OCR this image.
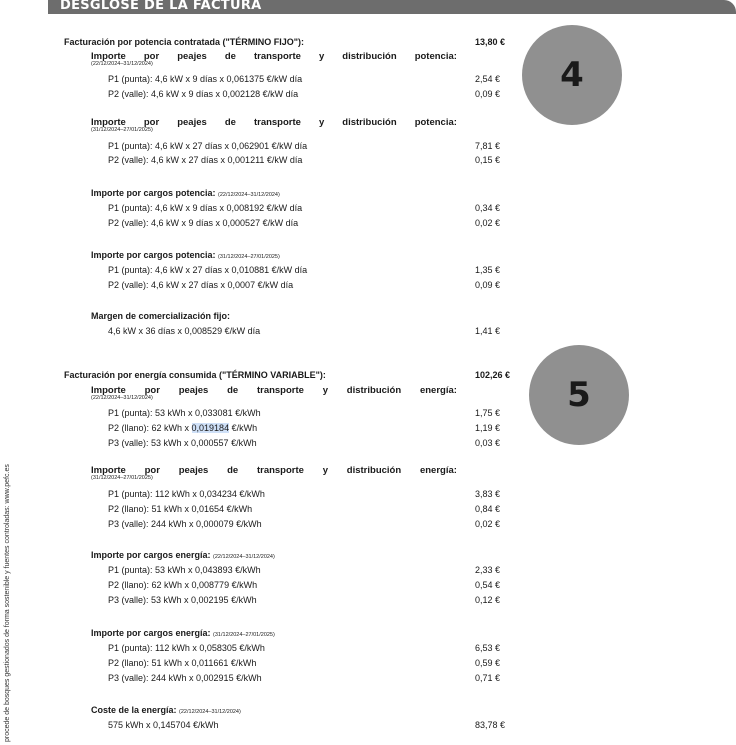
DESGLOSE DE LA FACTURA
procede de bosques gestionados de forma sostenible y fuentes controladas: www.pefc.es
4
5
Facturación por potencia contratada ("TÉRMINO FIJO"):	13,80 €
Importe por peajes de transporte y distribución potencia:
(22/12/2024–31/12/2024)
P1 (punta): 4,6 kW x 9 días x 0,061375 €/kW día	2,54 €
P2 (valle): 4,6 kW x 9 días x 0,002128 €/kW día	0,09 €
Importe por peajes de transporte y distribución potencia:
(31/12/2024–27/01/2025)
P1 (punta): 4,6 kW x 27 días x 0,062901 €/kW día	7,81 €
P2 (valle): 4,6 kW x 27 días x 0,001211 €/kW día	0,15 €
Importe por cargos potencia: (22/12/2024–31/12/2024)
P1 (punta): 4,6 kW x 9 días x 0,008192 €/kW día	0,34 €
P2 (valle): 4,6 kW x 9 días x 0,000527 €/kW día	0,02 €
Importe por cargos potencia: (31/12/2024–27/01/2025)
P1 (punta): 4,6 kW x 27 días x 0,010881 €/kW día	1,35 €
P2 (valle): 4,6 kW x 27 días x 0,0007 €/kW día	0,09 €
Margen de comercialización fijo:
4,6 kW x 36 días x 0,008529 €/kW día	1,41 €
Facturación por energía consumida ("TÉRMINO VARIABLE"):	102,26 €
Importe por peajes de transporte y distribución energía:
(22/12/2024–31/12/2024)
P1 (punta): 53 kWh x 0,033081 €/kWh	1,75 €
P2 (llano): 62 kWh x 0,019184 €/kWh	1,19 €
P3 (valle): 53 kWh x 0,000557 €/kWh	0,03 €
Importe por peajes de transporte y distribución energía:
(31/12/2024–27/01/2025)
P1 (punta): 112 kWh x 0,034234 €/kWh	3,83 €
P2 (llano): 51 kWh x 0,01654 €/kWh	0,84 €
P3 (valle): 244 kWh x 0,000079 €/kWh	0,02 €
Importe por cargos energía: (22/12/2024–31/12/2024)
P1 (punta): 53 kWh x 0,043893 €/kWh	2,33 €
P2 (llano): 62 kWh x 0,008779 €/kWh	0,54 €
P3 (valle): 53 kWh x 0,002195 €/kWh	0,12 €
Importe por cargos energía: (31/12/2024–27/01/2025)
P1 (punta): 112 kWh x 0,058305 €/kWh	6,53 €
P2 (llano): 51 kWh x 0,011661 €/kWh	0,59 €
P3 (valle): 244 kWh x 0,002915 €/kWh	0,71 €
Coste de la energía: (22/12/2024–31/12/2024)
575 kWh x 0,145704 €/kWh	83,78 €
